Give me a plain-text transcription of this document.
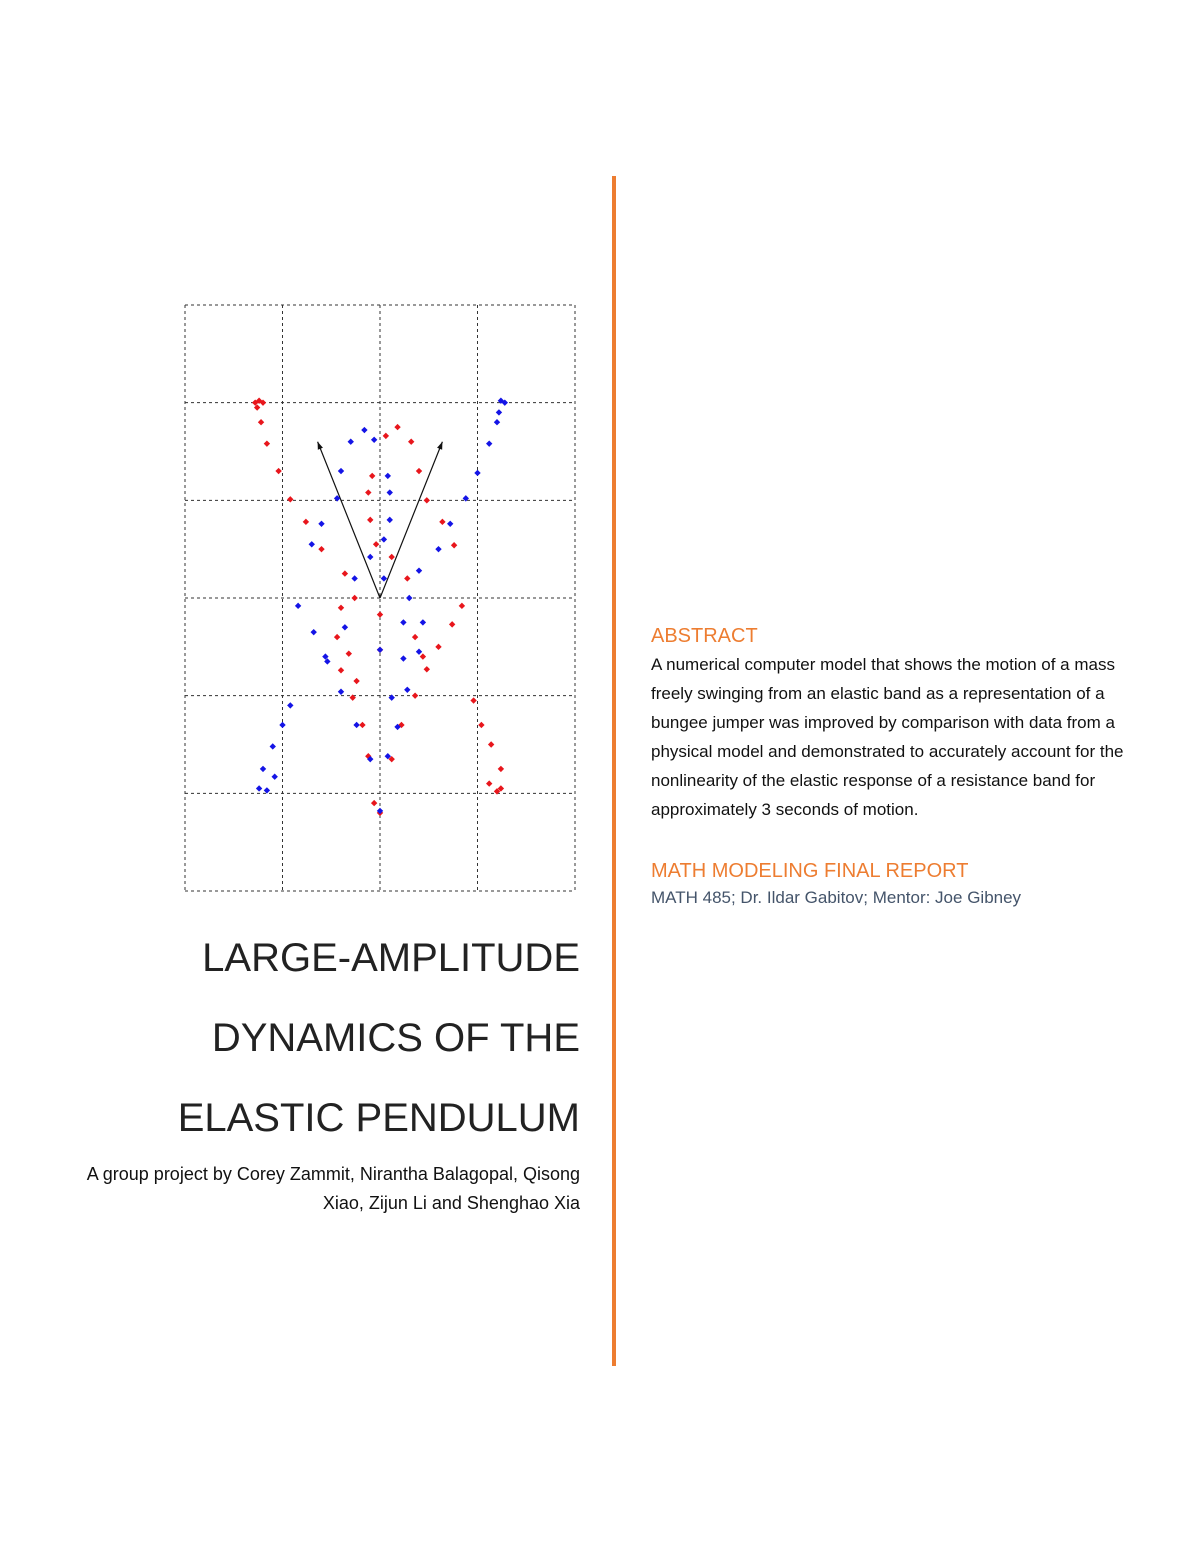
LARGE-AMPLITUDE
DYNAMICS OF THE
ELASTIC PENDULUM

A group project by Corey Zammit, Nirantha Balagopal, Qisong Xiao, Zijun Li and Shenghao Xia

ABSTRACT

A numerical computer model that shows the motion of a mass freely swinging from an elastic band as a representation of a bungee jumper was improved by comparison with data from a physical model and demonstrated to accurately account for the nonlinearity of the elastic response of a resistance band for approximately 3 seconds of motion.

MATH MODELING FINAL REPORT

MATH 485; Dr. Ildar Gabitov; Mentor: Joe Gibney
